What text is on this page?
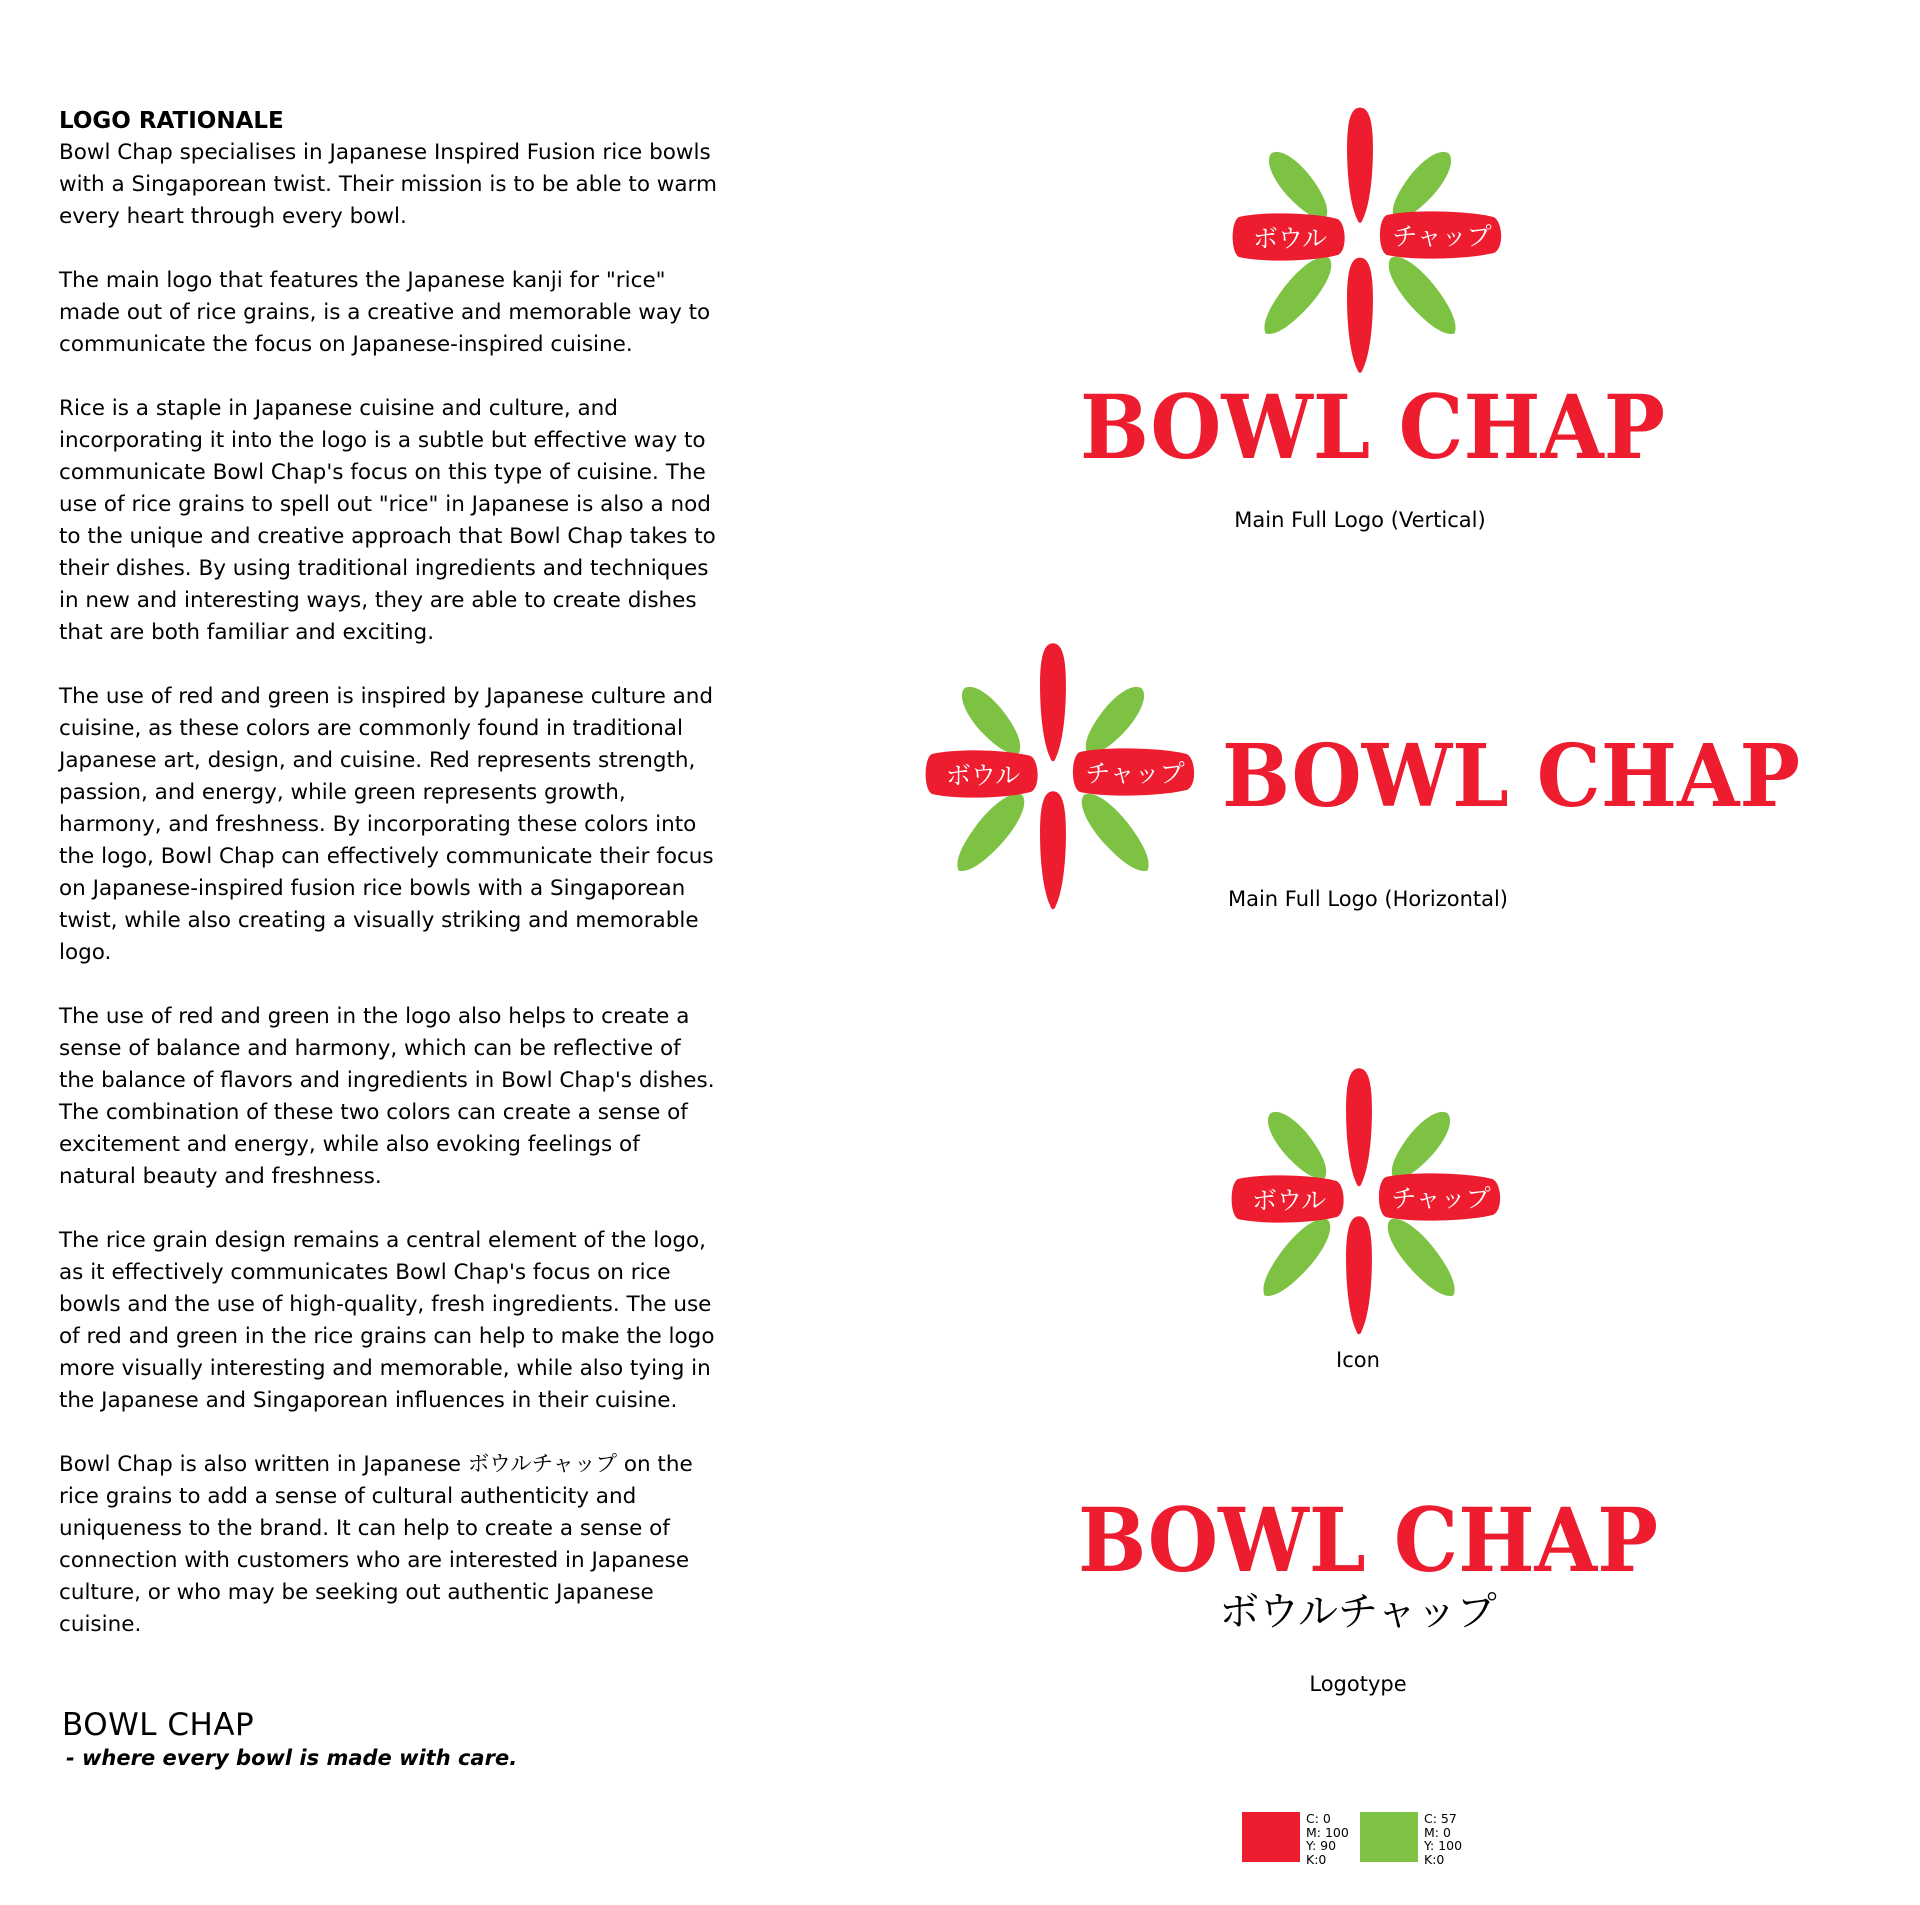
LOGO RATIONALE

Bowl Chap specialises in Japanese Inspired Fusion rice bowls with a Singaporean twist. Their mission is to be able to warm every heart through every bowl.

The main logo that features the Japanese kanji for "rice" made out of rice grains, is a creative and memorable way to communicate the focus on Japanese-inspired cuisine.

Rice is a staple in Japanese cuisine and culture, and incorporating it into the logo is a subtle but effective way to communicate Bowl Chap's focus on this type of cuisine. The use of rice grains to spell out "rice" in Japanese is also a nod to the unique and creative approach that Bowl Chap takes to their dishes. By using traditional ingredients and techniques in new and interesting ways, they are able to create dishes that are both familiar and exciting.

The use of red and green is inspired by Japanese culture and cuisine, as these colors are commonly found in traditional Japanese art, design, and cuisine. Red represents strength, passion, and energy, while green represents growth, harmony, and freshness. By incorporating these colors into the logo, Bowl Chap can effectively communicate their focus on Japanese-inspired fusion rice bowls with a Singaporean twist, while also creating a visually striking and memorable logo.

The use of red and green in the logo also helps to create a sense of balance and harmony, which can be reflective of the balance of flavors and ingredients in Bowl Chap's dishes. The combination of these two colors can create a sense of excitement and energy, while also evoking feelings of natural beauty and freshness.

The rice grain design remains a central element of the logo, as it effectively communicates Bowl Chap's focus on rice bowls and the use of high-quality, fresh ingredients. The use of red and green in the rice grains can help to make the logo more visually interesting and memorable, while also tying in the Japanese and Singaporean influences in their cuisine.

Bowl Chap is also written in Japanese ボウルチャップ on the rice grains to add a sense of cultural authenticity and uniqueness to the brand. It can help to create a sense of connection with customers who are interested in Japanese culture, or who may be seeking out authentic Japanese cuisine.

BOWL CHAP

- where every bowl is made with care.

ボウル	チャップ
BOWL CHAP

Main Full Logo (Vertical)

ボウル	チャップ BOWL CHAP

Main Full Logo (Horizontal)

ボウル	チャップ

Icon

BOWL CHAP

ボウルチャップ

Logotype

C: 0
M: 100
Y: 90
K:0

C: 57
M: 0
Y: 100
K:0
